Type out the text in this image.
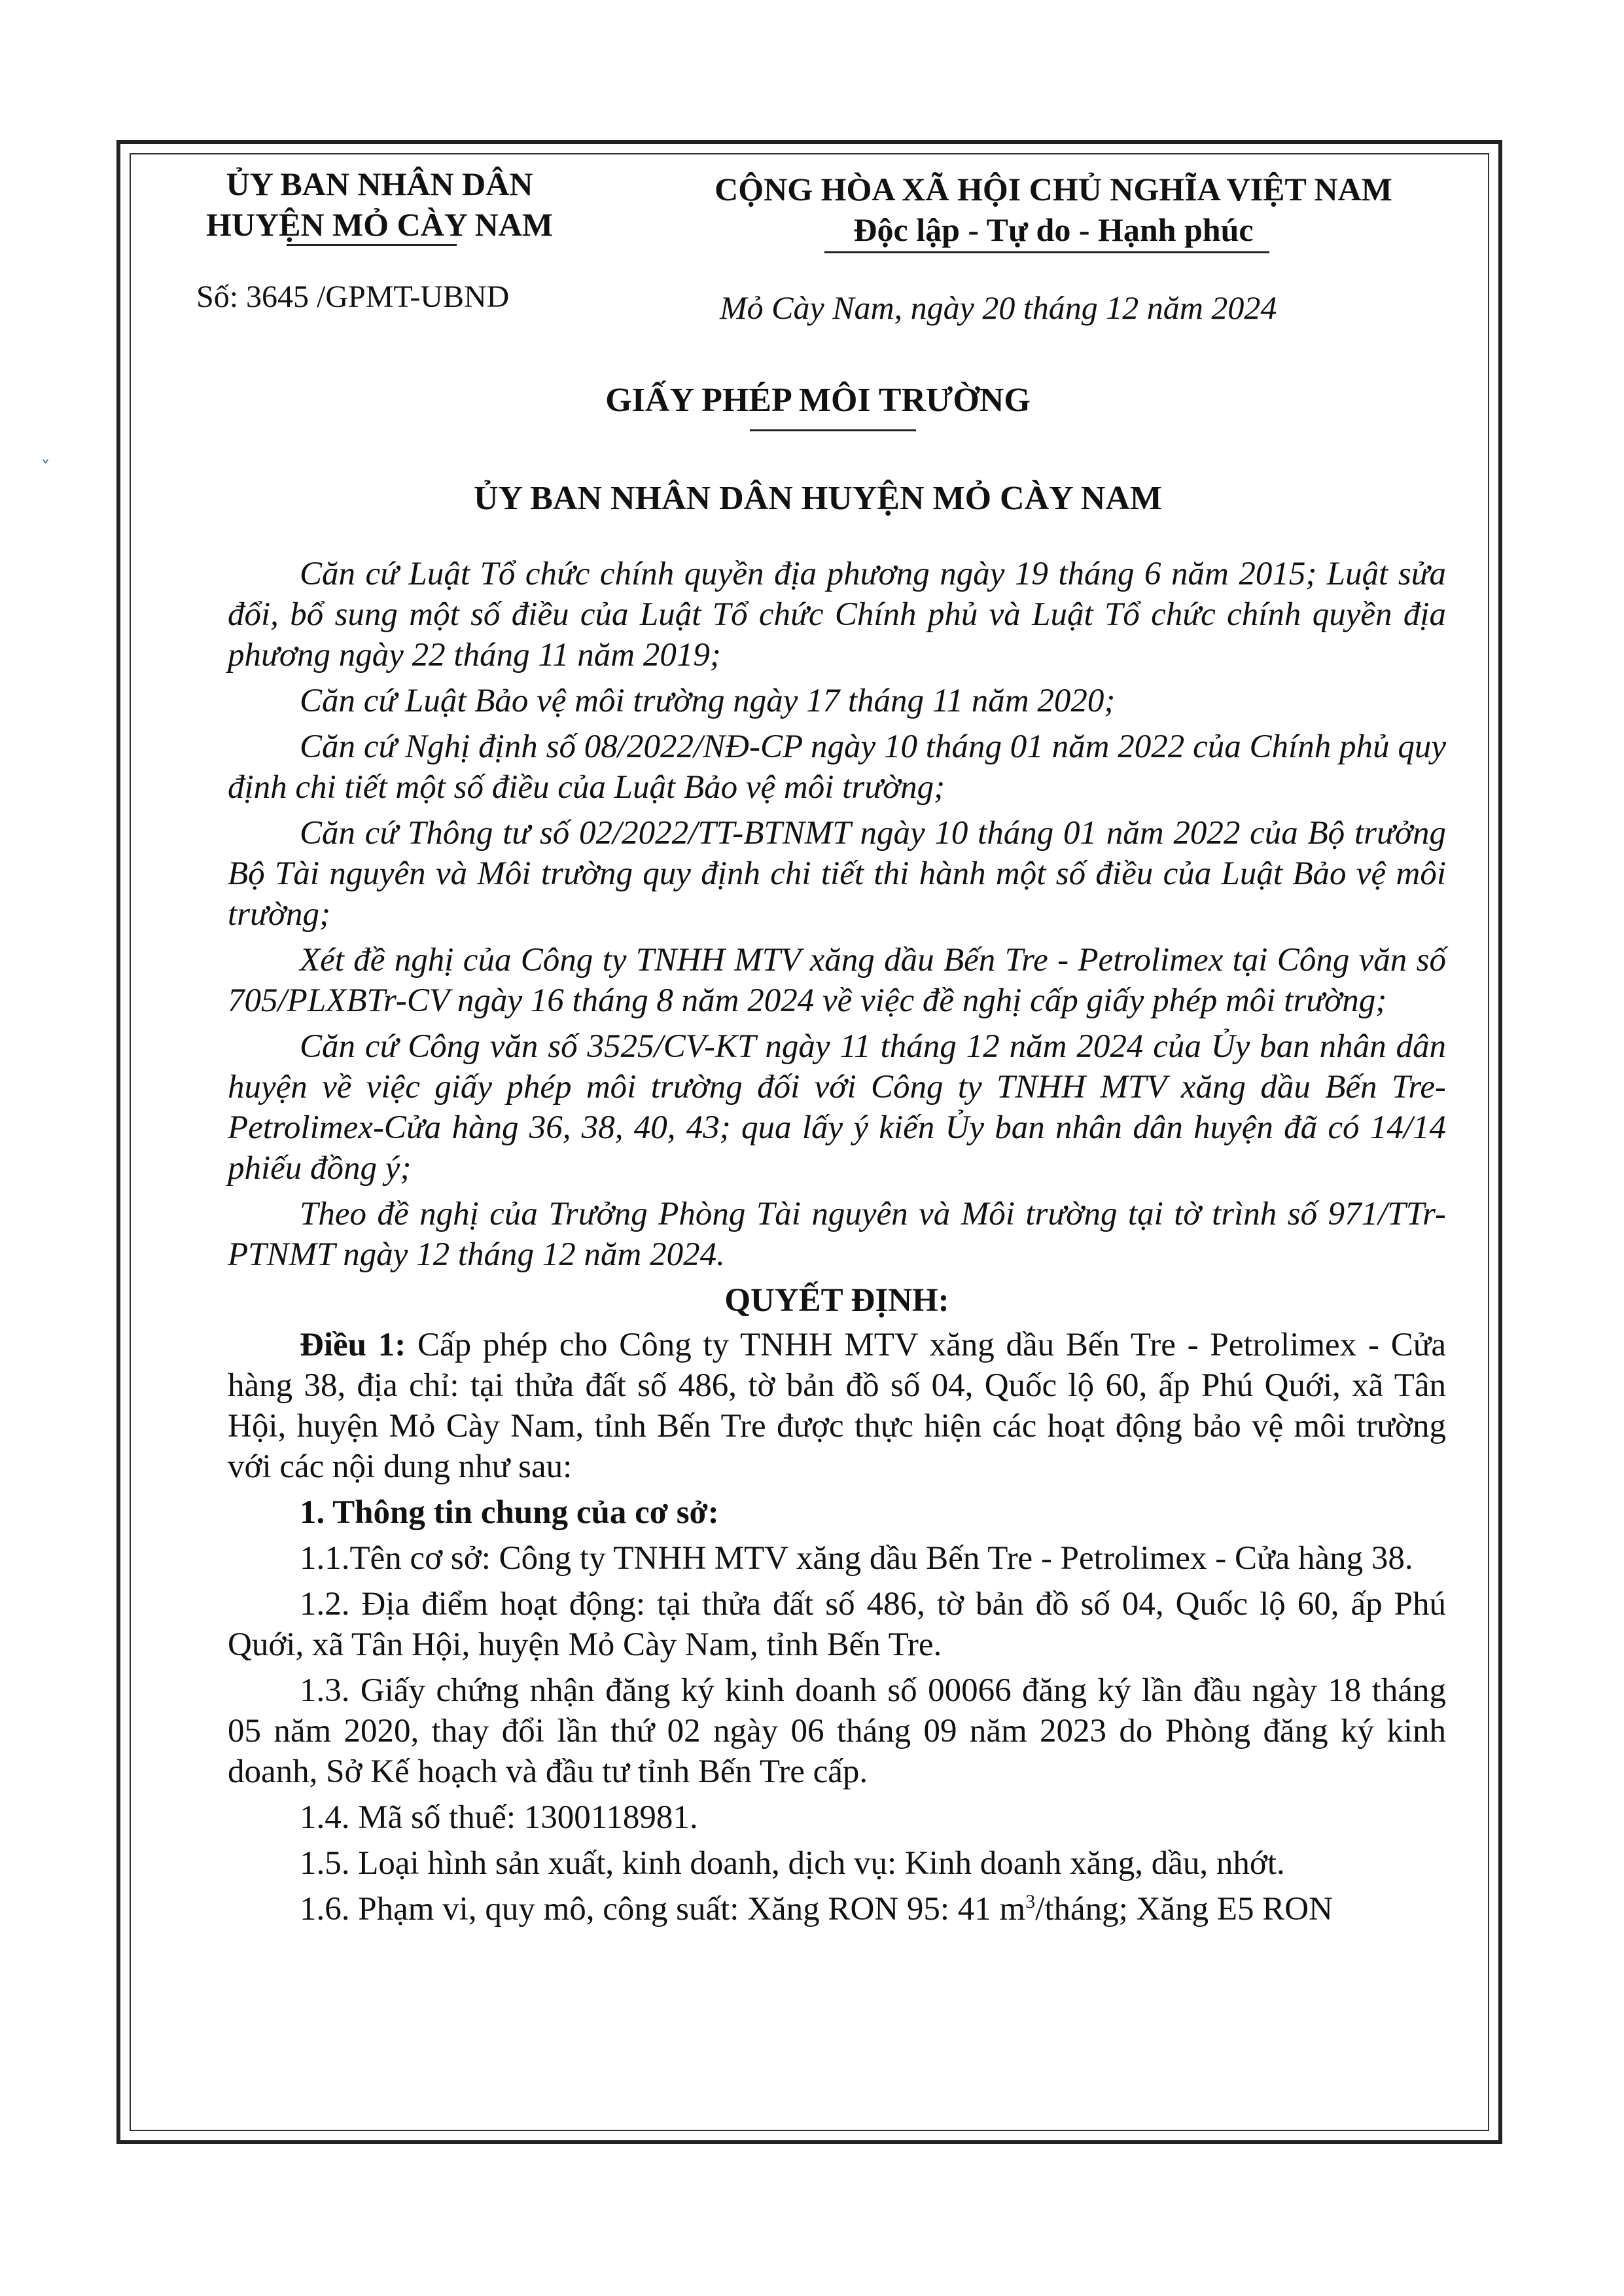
ˇ
ỦY BAN NHÂN DÂN
HUYỆN MỎ CÀY NAM
CỘNG HÒA XÃ HỘI CHỦ NGHĨA VIỆT NAM
Độc lập - Tự do - Hạnh phúc
Số: 3645 /GPMT-UBND	Mỏ Cày Nam, ngày 20 tháng 12 năm 2024
GIẤY PHÉP MÔI TRƯỜNG
ỦY BAN NHÂN DÂN HUYỆN MỎ CÀY NAM

Căn cứ Luật Tổ chức chính quyền địa phương ngày 19 tháng 6 năm 2015; Luật sửa đổi, bổ sung một số điều của Luật Tổ chức Chính phủ và Luật Tổ chức chính quyền địa phương ngày 22 tháng 11 năm 2019;

Căn cứ Luật Bảo vệ môi trường ngày 17 tháng 11 năm 2020;

Căn cứ Nghị định số 08/2022/NĐ-CP ngày 10 tháng 01 năm 2022 của Chính phủ quy định chi tiết một số điều của Luật Bảo vệ môi trường;

Căn cứ Thông tư số 02/2022/TT-BTNMT ngày 10 tháng 01 năm 2022 của Bộ trưởng Bộ Tài nguyên và Môi trường quy định chi tiết thi hành một số điều của Luật Bảo vệ môi trường;

Xét đề nghị của Công ty TNHH MTV xăng dầu Bến Tre - Petrolimex tại Công văn số 705/PLXBTr-CV ngày 16 tháng 8 năm 2024 về việc đề nghị cấp giấy phép môi trường;

Căn cứ Công văn số 3525/CV-KT ngày 11 tháng 12 năm 2024 của Ủy ban nhân dân huyện về việc giấy phép môi trường đối với Công ty TNHH MTV xăng dầu Bến Tre-Petrolimex-Cửa hàng 36, 38, 40, 43; qua lấy ý kiến Ủy ban nhân dân huyện đã có 14/14 phiếu đồng ý;

Theo đề nghị của Trưởng Phòng Tài nguyên và Môi trường tại tờ trình số 971/TTr-PTNMT ngày 12 tháng 12 năm 2024.

QUYẾT ĐỊNH:

Điều 1: Cấp phép cho Công ty TNHH MTV xăng dầu Bến Tre - Petrolimex - Cửa hàng 38, địa chỉ: tại thửa đất số 486, tờ bản đồ số 04, Quốc lộ 60, ấp Phú Quới, xã Tân Hội, huyện Mỏ Cày Nam, tỉnh Bến Tre được thực hiện các hoạt động bảo vệ môi trường với các nội dung như sau:

1. Thông tin chung của cơ sở:

1.1.Tên cơ sở: Công ty TNHH MTV xăng dầu Bến Tre - Petrolimex - Cửa hàng 38.

1.2. Địa điểm hoạt động: tại thửa đất số 486, tờ bản đồ số 04, Quốc lộ 60, ấp Phú Quới, xã Tân Hội, huyện Mỏ Cày Nam, tỉnh Bến Tre.

1.3. Giấy chứng nhận đăng ký kinh doanh số 00066 đăng ký lần đầu ngày 18 tháng 05 năm 2020, thay đổi lần thứ 02 ngày 06 tháng 09 năm 2023 do Phòng đăng ký kinh doanh, Sở Kế hoạch và đầu tư tỉnh Bến Tre cấp.

1.4. Mã số thuế: 1300118981.

1.5. Loại hình sản xuất, kinh doanh, dịch vụ: Kinh doanh xăng, dầu, nhớt.

1.6. Phạm vi, quy mô, công suất: Xăng RON 95: 41 $m^3$/tháng; Xăng E5 RON
